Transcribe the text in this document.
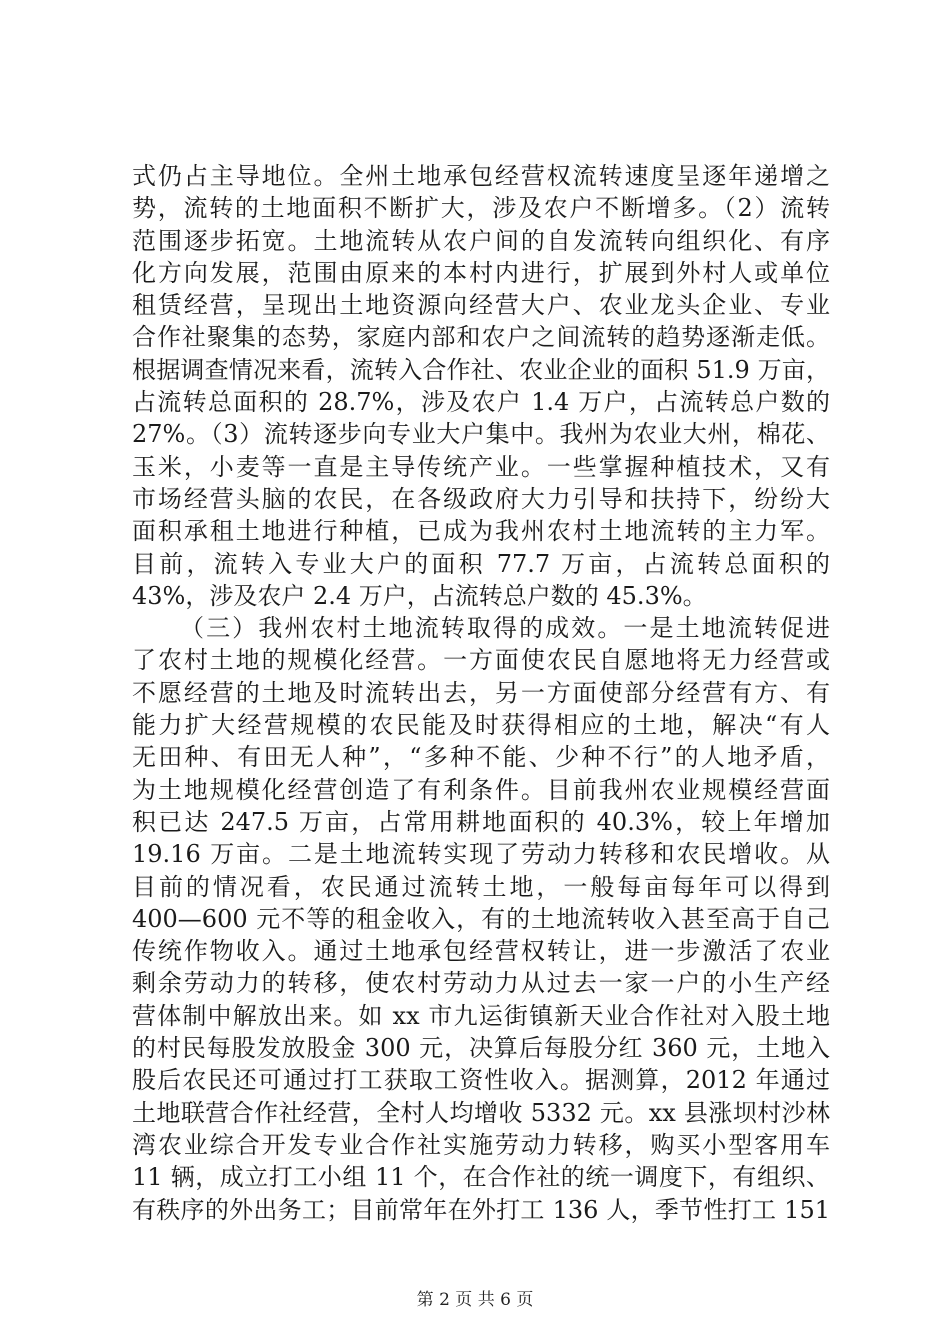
式仍占主导地位。全州土地承包经营权流转速度呈逐年递增之
势，流转的土地面积不断扩大，涉及农户不断增多。（2）流转
范围逐步拓宽。土地流转从农户间的自发流转向组织化、有序
化方向发展，范围由原来的本村内进行，扩展到外村人或单位
租赁经营，呈现出土地资源向经营大户、农业龙头企业、专业
合作社聚集的态势，家庭内部和农户之间流转的趋势逐渐走低。
根据调查情况来看，流转入合作社、农业企业的面积 51.9 万亩，
占流转总面积的 28.7%，涉及农户 1.4 万户，占流转总户数的
27%。（3）流转逐步向专业大户集中。我州为农业大州，棉花、
玉米，小麦等一直是主导传统产业。一些掌握种植技术，又有
市场经营头脑的农民，在各级政府大力引导和扶持下，纷纷大
面积承租土地进行种植，已成为我州农村土地流转的主力军。
目前，流转入专业大户的面积 77.7 万亩，占流转总面积的
43%，涉及农户 2.4 万户，占流转总户数的 45.3%。
（三）我州农村土地流转取得的成效。一是土地流转促进
了农村土地的规模化经营。一方面使农民自愿地将无力经营或
不愿经营的土地及时流转出去，另一方面使部分经营有方、有
能力扩大经营规模的农民能及时获得相应的土地，解决“有人
无田种、有田无人种”，“多种不能、少种不行”的人地矛盾，
为土地规模化经营创造了有利条件。目前我州农业规模经营面
积已达 247.5 万亩，占常用耕地面积的 40.3%，较上年增加
19.16 万亩。二是土地流转实现了劳动力转移和农民增收。从
目前的情况看，农民通过流转土地，一般每亩每年可以得到
400—600 元不等的租金收入，有的土地流转收入甚至高于自己
传统作物收入。通过土地承包经营权转让，进一步激活了农业
剩余劳动力的转移，使农村劳动力从过去一家一户的小生产经
营体制中解放出来。如 xx 市九运街镇新天业合作社对入股土地
的村民每股发放股金 300 元，决算后每股分红 360 元，土地入
股后农民还可通过打工获取工资性收入。据测算，2012 年通过
土地联营合作社经营，全村人均增收 5332 元。xx 县涨坝村沙林
湾农业综合开发专业合作社实施劳动力转移，购买小型客用车
11 辆，成立打工小组 11 个，在合作社的统一调度下，有组织、
有秩序的外出务工；目前常年在外打工 136 人，季节性打工 151
第 2 页 共 6 页
